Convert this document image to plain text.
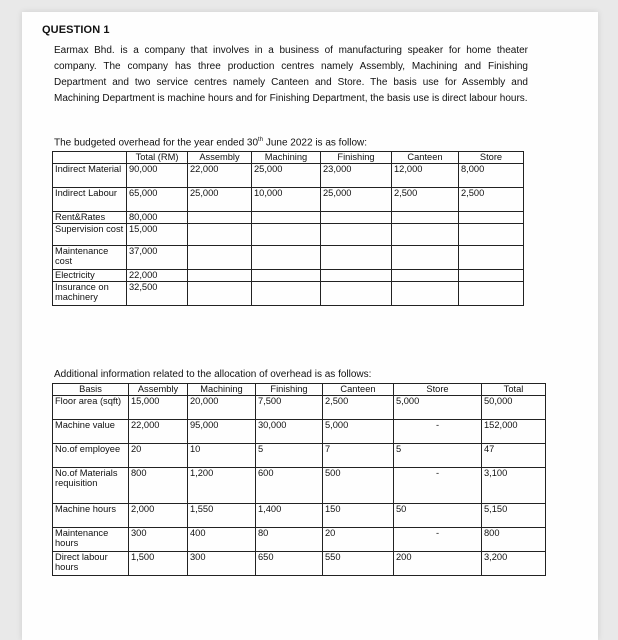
QUESTION 1

Earmax Bhd. is a company that involves in a business of manufacturing speaker for home theater company. The company has three production centres namely Assembly, Machining and Finishing Department and two service centres namely Canteen and Store. The basis use for Assembly and Machining Department is machine hours and for Finishing Department, the basis use is direct labour hours.

The budgeted overhead for the year ended 30th June 2022 is as follow:

	Total (RM)	Assembly	Machining	Finishing	Canteen	Store
Indirect Material	90,000	22,000	25,000	23,000	12,000	8,000
Indirect Labour	65,000	25,000	10,000	25,000	2,500	2,500
Rent&Rates	80,000					
Supervision cost	15,000					
Maintenance cost	37,000					
Electricity	22,000					
Insurance on machinery	32,500					

Additional information related to the allocation of overhead is as follows:

Basis	Assembly	Machining	Finishing	Canteen	Store	Total
Floor area (sqft)	15,000	20,000	7,500	2,500	5,000	50,000
Machine value	22,000	95,000	30,000	5,000	-	152,000
No.of employee	20	10	5	7	5	47
No.of Materials requisition	800	1,200	600	500	-	3,100
Machine hours	2,000	1,550	1,400	150	50	5,150
Maintenance hours	300	400	80	20	-	800
Direct labour hours	1,500	300	650	550	200	3,200
